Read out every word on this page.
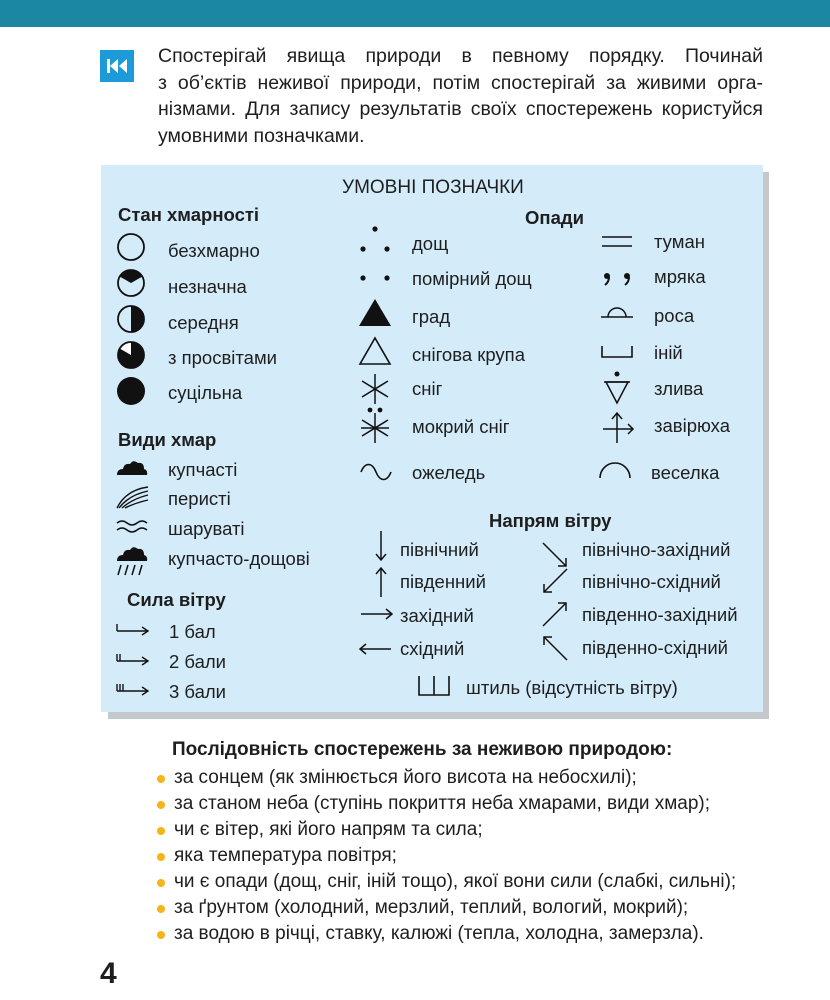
Спостерігай явища природи в певному порядку. Починай

з об’єктів неживої природи, потім спостерігай за живими орга-

нізмами. Для запису результатів своїх спостережень користуйся

умовними позначками.

УМОВНІ ПОЗНАЧКИ
Стан хмарності
безхмарно
незначна
середня
з просвітами
суцільна
Види хмар
купчасті
перисті
шаруваті
купчасто-дощові
Сила вітру
1 бал
2 бали
3 бали
Опади
дощ
помірний дощ
град
снігова крупа
сніг
мокрий сніг
ожеледь
туман
мряка
роса
іній
злива
завірюха
веселка
Напрям вітру
північний
південний
західний
східний
північно-західний
північно-східний
південно-західний
південно-східний
штиль (відсутність вітру)
Послідовність спостережень за неживою природою:
за сонцем (як змінюється його висота на небосхилі);
за станом неба (ступінь покриття неба хмарами, види хмар);
чи є вітер, які його напрям та сила;
яка температура повітря;
чи є опади (дощ, сніг, іній тощо), якої вони сили (слабкі, сильні);
за ґрунтом (холодний, мерзлий, теплий, вологий, мокрий);
за водою в річці, ставку, калюжі (тепла, холодна, замерзла).
4
